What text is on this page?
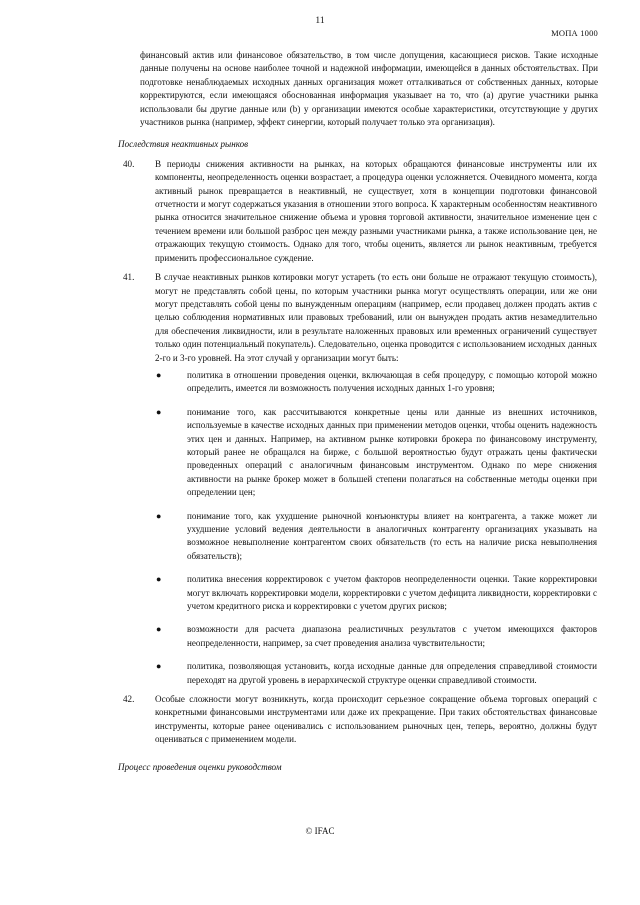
11
МОПА 1000
финансовый актив или финансовое обязательство, в том числе допущения, касающиеся рисков. Такие исходные данные получены на основе наиболее точной и надежной информации, имеющейся в данных обстоятельствах. При подготовке ненаблюдаемых исходных данных организация может отталкиваться от собственных данных, которые корректируются, если имеющаяся обоснованная информация указывает на то, что (a) другие участники рынка использовали бы другие данные или (b) у организации имеются особые характеристики, отсутствующие у других участников рынка (например, эффект синергии, который получает только эта организация).
Последствия неактивных рынков
40. В периоды снижения активности на рынках, на которых обращаются финансовые инструменты или их компоненты, неопределенность оценки возрастает, а процедура оценки усложняется. Очевидного момента, когда активный рынок превращается в неактивный, не существует, хотя в концепции подготовки финансовой отчетности и могут содержаться указания в отношении этого вопроса. К характерным особенностям неактивного рынка относится значительное снижение объема и уровня торговой активности, значительное изменение цен с течением времени или большой разброс цен между разными участниками рынка, а также использование цен, не отражающих текущую стоимость. Однако для того, чтобы оценить, является ли рынок неактивным, требуется применить профессиональное суждение.
41. В случае неактивных рынков котировки могут устареть (то есть они больше не отражают текущую стоимость), могут не представлять собой цены, по которым участники рынка могут осуществлять операции, или же они могут представлять собой цены по вынужденным операциям (например, если продавец должен продать актив с целью соблюдения нормативных или правовых требований, или он вынужден продать актив незамедлительно для обеспечения ликвидности, или в результате наложенных правовых или временных ограничений существует только один потенциальный покупатель). Следовательно, оценка проводится с использованием исходных данных 2-го и 3-го уровней. На этот случай у организации могут быть:
●	политика в отношении проведения оценки, включающая в себя процедуру, с помощью которой можно определить, имеется ли возможность получения исходных данных 1-го уровня;
●	понимание того, как рассчитываются конкретные цены или данные из внешних источников, используемые в качестве исходных данных при применении методов оценки, чтобы оценить надежность этих цен и данных. Например, на активном рынке котировки брокера по финансовому инструменту, который ранее не обращался на бирже, с большой вероятностью будут отражать цены фактически проведенных операций с аналогичным финансовым инструментом. Однако по мере снижения активности на рынке брокер может в большей степени полагаться на собственные методы оценки при определении цен;
●	понимание того, как ухудшение рыночной конъюнктуры влияет на контрагента, а также может ли ухудшение условий ведения деятельности в аналогичных контрагенту организациях указывать на возможное невыполнение контрагентом своих обязательств (то есть на наличие риска невыполнения обязательств);
●	политика внесения корректировок с учетом факторов неопределенности оценки. Такие корректировки могут включать корректировки модели, корректировки с учетом дефицита ликвидности, корректировки с учетом кредитного риска и корректировки с учетом других рисков;
●	возможности для расчета диапазона реалистичных результатов с учетом имеющихся факторов неопределенности, например, за счет проведения анализа чувствительности;
●	политика, позволяющая установить, когда исходные данные для определения справедливой стоимости переходят на другой уровень в иерархической структуре оценки справедливой стоимости.
42. Особые сложности могут возникнуть, когда происходит серьезное сокращение объема торговых операций с конкретными финансовыми инструментами или даже их прекращение. При таких обстоятельствах финансовые инструменты, которые ранее оценивались с использованием рыночных цен, теперь, вероятно, должны будут оцениваться с применением модели.
Процесс проведения оценки руководством
© IFAC
